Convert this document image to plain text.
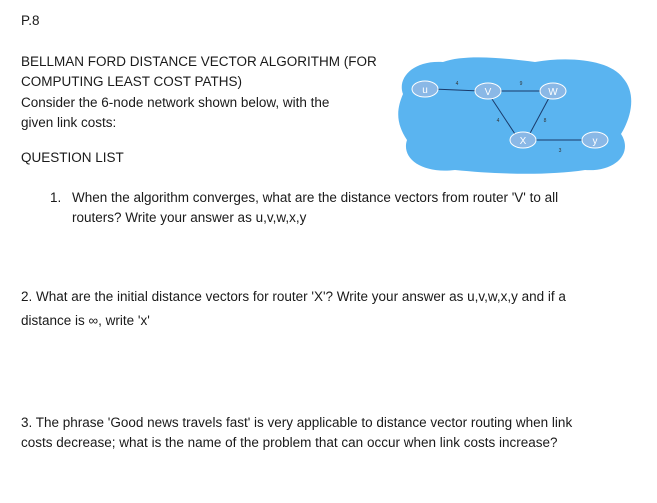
P.8
BELLMAN FORD DISTANCE VECTOR ALGORITHM (FOR
COMPUTING LEAST COST PATHS)
Consider the 6-node network shown below, with the
given link costs:
u	V	W
X	y
4	9
4	8
3
QUESTION LIST
1. When the algorithm converges, what are the distance vectors from router 'V' to all
routers? Write your answer as u,v,w,x,y
2. What are the initial distance vectors for router 'X'? Write your answer as u,v,w,x,y and if a
distance is ∞, write 'x'
3. The phrase 'Good news travels fast' is very applicable to distance vector routing when link
costs decrease; what is the name of the problem that can occur when link costs increase?
